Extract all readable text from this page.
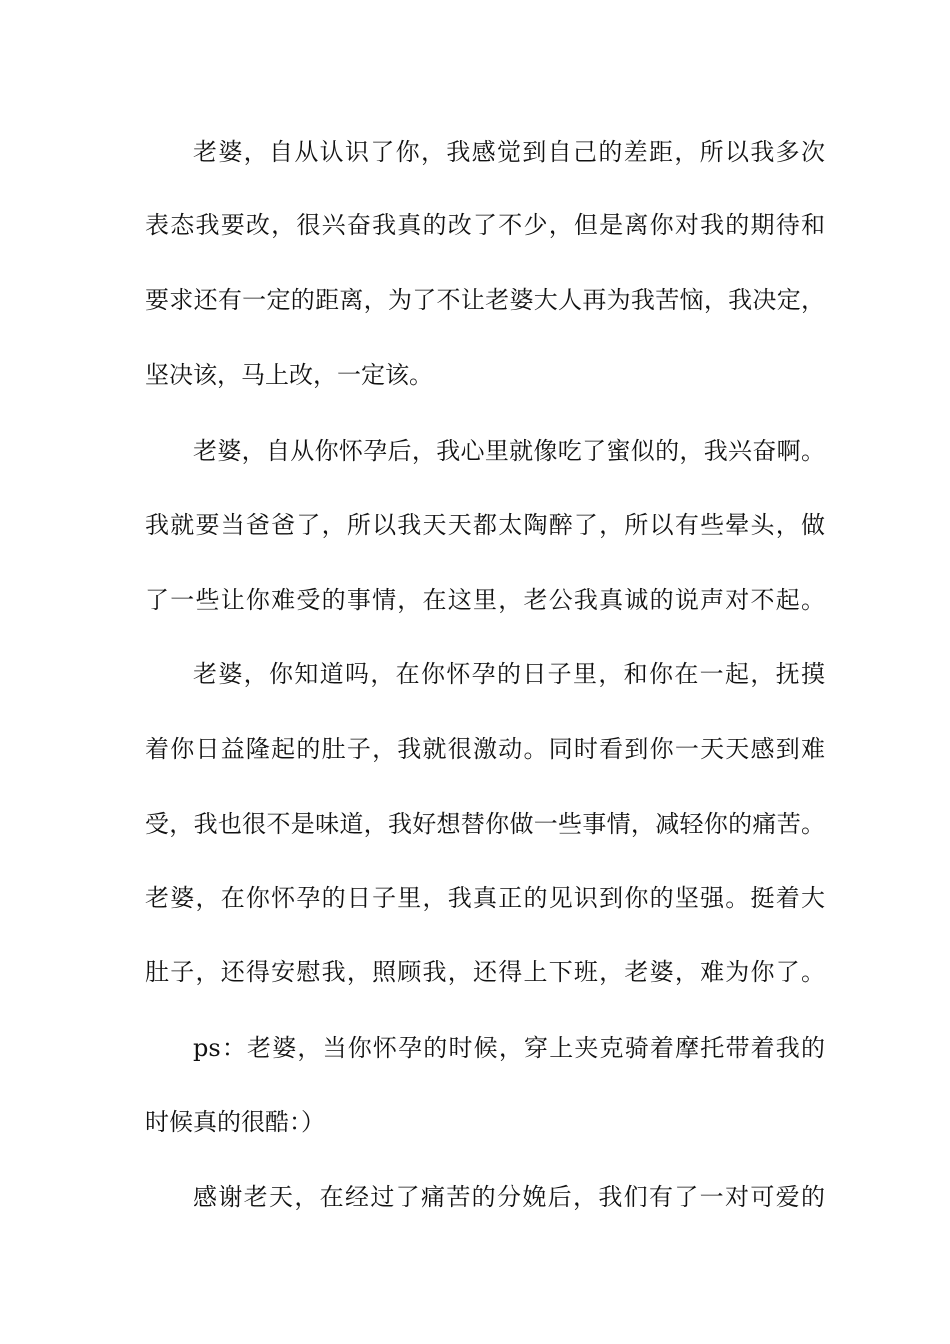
老婆，自从认识了你，我感觉到自己的差距，所以我多次
表态我要改，很兴奋我真的改了不少，但是离你对我的期待和
要求还有一定的距离，为了不让老婆大人再为我苦恼，我决定，
坚决该，马上改，一定该。
老婆，自从你怀孕后，我心里就像吃了蜜似的，我兴奋啊。
我就要当爸爸了，所以我天天都太陶醉了，所以有些晕头，做
了一些让你难受的事情，在这里，老公我真诚的说声对不起。
老婆，你知道吗，在你怀孕的日子里，和你在一起，抚摸
着你日益隆起的肚子，我就很激动。同时看到你一天天感到难
受，我也很不是味道，我好想替你做一些事情，减轻你的痛苦。
老婆，在你怀孕的日子里，我真正的见识到你的坚强。挺着大
肚子，还得安慰我，照顾我，还得上下班，老婆，难为你了。
ps：老婆，当你怀孕的时候，穿上夹克骑着摩托带着我的
时候真的很酷：）
感谢老天，在经过了痛苦的分娩后，我们有了一对可爱的
